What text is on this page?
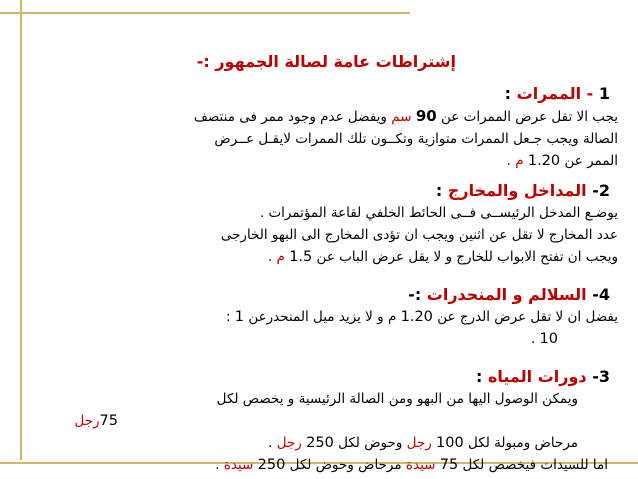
إشتراطات عامة لصالة الجمهور :-

1 - الممرات :

يجب الا تقل عرض الممرات عن 90 سم ويفضل عدم وجود ممر فى منتصف

الصالة ويجب جـعل الممرات متوازية وتكــون تلك الممرات لايقـل عــرض

الممر عن 1.20 م .

2- المداخل والمخارج :

يوضـع المدخل الرئيســى فــى الحائط الخلفي لقاعة المؤتمرات .

عدد المخارج لا تقل عن اثنين ويجب ان تؤدى المخارج الى البهو الخارجى

ويجب ان تفتح الابواب للخارج و لا يقل عرض الباب عن 1.5 م .

4- السلالم و المنحدرات :-

يفضل ان لا تقل عرض الدرج عن 1.20 م و لا يزيد ميل المنحدرعن 1 :

10 .

3- دورات المياه :

ويمكن الوصول اليها من البهو ومن الصالة الرئيسية و يخصص لكل

75رجل

مرحاض ومبولة لكل 100 رجل وحوض لكل 250 رجل .

اما للسيدات فيخصص لكل 75 سيدة مرحاض وحوض لكل 250 سيدة .
